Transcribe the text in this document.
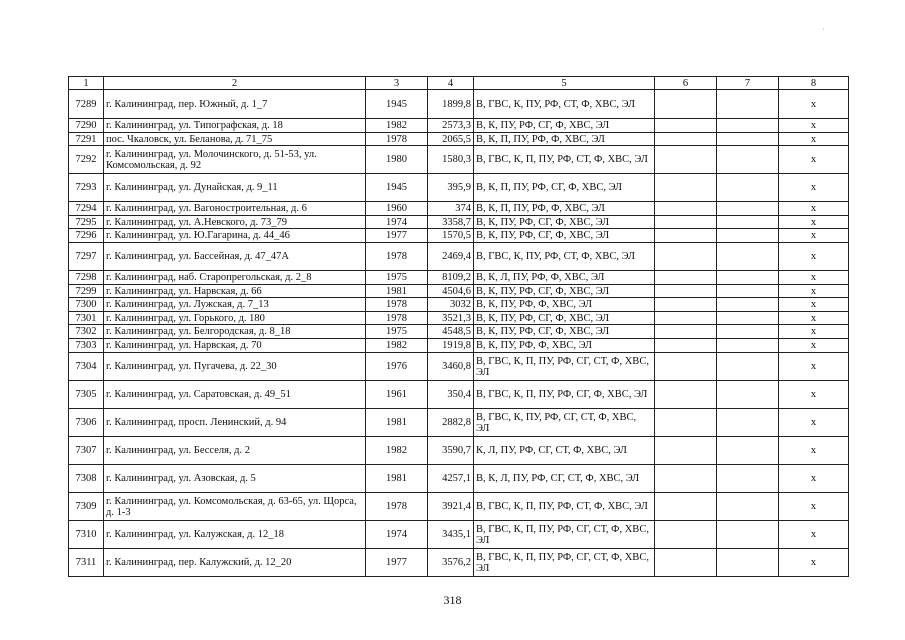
·
1	2	3	4	5	6	7	8
7289	г. Калининград, пер. Южный, д. 1_7	1945	1899,8	В, ГВС, К, ПУ, РФ, СТ, Ф, ХВС, ЭЛ			x
7290	г. Калининград, ул. Типографская, д. 18	1982	2573,3	В, К, ПУ, РФ, СГ, Ф, ХВС, ЭЛ			x
7291	пос. Чкаловск, ул. Беланова, д. 71_75	1978	2065,5	В, К, П, ПУ, РФ, Ф, ХВС, ЭЛ			x
7292	г. Калининград, ул. Молочинского, д. 51-53, ул. Комсомольская, д. 92	1980	1580,3	В, ГВС, К, П, ПУ, РФ, СТ, Ф, ХВС, ЭЛ			x
7293	г. Калининград, ул. Дунайская, д. 9_11	1945	395,9	В, К, П, ПУ, РФ, СГ, Ф, ХВС, ЭЛ			x
7294	г. Калининград, ул. Вагоностроительная, д. 6	1960	374	В, К, П, ПУ, РФ, Ф, ХВС, ЭЛ			x
7295	г. Калининград, ул. А.Невского, д. 73_79	1974	3358,7	В, К, ПУ, РФ, СГ, Ф, ХВС, ЭЛ			x
7296	г. Калининград, ул. Ю.Гагарина, д. 44_46	1977	1570,5	В, К, ПУ, РФ, СГ, Ф, ХВС, ЭЛ			x
7297	г. Калининград, ул. Бассейная, д. 47_47А	1978	2469,4	В, ГВС, К, ПУ, РФ, СТ, Ф, ХВС, ЭЛ			x
7298	г. Калининград, наб. Старопрегольская, д. 2_8	1975	8109,2	В, К, Л, ПУ, РФ, Ф, ХВС, ЭЛ			x
7299	г. Калининград, ул. Нарвская, д. 66	1981	4504,6	В, К, ПУ, РФ, СГ, Ф, ХВС, ЭЛ			x
7300	г. Калининград, ул. Лужская, д. 7_13	1978	3032	В, К, ПУ, РФ, Ф, ХВС, ЭЛ			x
7301	г. Калининград, ул. Горького, д. 180	1978	3521,3	В, К, ПУ, РФ, СГ, Ф, ХВС, ЭЛ			x
7302	г. Калининград, ул. Белгородская, д. 8_18	1975	4548,5	В, К, ПУ, РФ, СГ, Ф, ХВС, ЭЛ			x
7303	г. Калининград, ул. Нарвская, д. 70	1982	1919,8	В, К, ПУ, РФ, Ф, ХВС, ЭЛ			x
7304	г. Калининград, ул. Пугачева, д. 22_30	1976	3460,8	В, ГВС, К, П, ПУ, РФ, СГ, СТ, Ф, ХВС, ЭЛ			x
7305	г. Калининград, ул. Саратовская, д. 49_51	1961	350,4	В, ГВС, К, П, ПУ, РФ, СГ, Ф, ХВС, ЭЛ			x
7306	г. Калининград, просп. Ленинский, д. 94	1981	2882,8	В, ГВС, К, ПУ, РФ, СГ, СТ, Ф, ХВС, ЭЛ			x
7307	г. Калининград, ул. Бесселя, д. 2	1982	3590,7	К, Л, ПУ, РФ, СГ, СТ, Ф, ХВС, ЭЛ			x
7308	г. Калининград, ул. Азовская, д. 5	1981	4257,1	В, К, Л, ПУ, РФ, СГ, СТ, Ф, ХВС, ЭЛ			x
7309	г. Калининград, ул. Комсомольская, д. 63-65, ул. Щорса, д. 1-3	1978	3921,4	В, ГВС, К, П, ПУ, РФ, СТ, Ф, ХВС, ЭЛ			x
7310	г. Калининград, ул. Калужская, д. 12_18	1974	3435,1	В, ГВС, К, П, ПУ, РФ, СГ, СТ, Ф, ХВС, ЭЛ			x
7311	г. Калининград, пер. Калужский, д. 12_20	1977	3576,2	В, ГВС, К, П, ПУ, РФ, СГ, СТ, Ф, ХВС, ЭЛ			x
318
